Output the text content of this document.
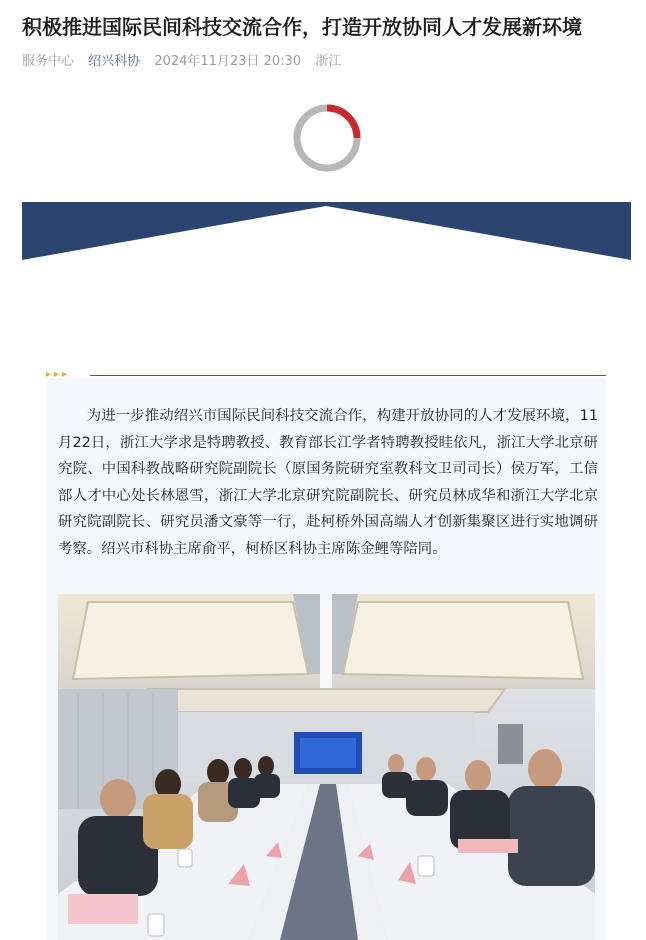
积极推进国际民间科技交流合作，打造开放协同人才发展新环境
服务中心 绍兴科协 2024年11月23日 20:30 浙江
▸▸▸

为进一步推动绍兴市国际民间科技交流合作，构建开放协同的人才发展环境，11月22日，浙江大学求是特聘教授、教育部长江学者特聘教授眭依凡，浙江大学北京研究院、中国科教战略研究院副院长（原国务院研究室教科文卫司司长）侯万军，工信部人才中心处长林恩雪，浙江大学北京研究院副院长、研究员林成华和浙江大学北京研究院副院长、研究员潘文豪等一行，赴柯桥外国高端人才创新集聚区进行实地调研考察。绍兴市科协主席俞平，柯桥区科协主席陈金鲤等陪同。
